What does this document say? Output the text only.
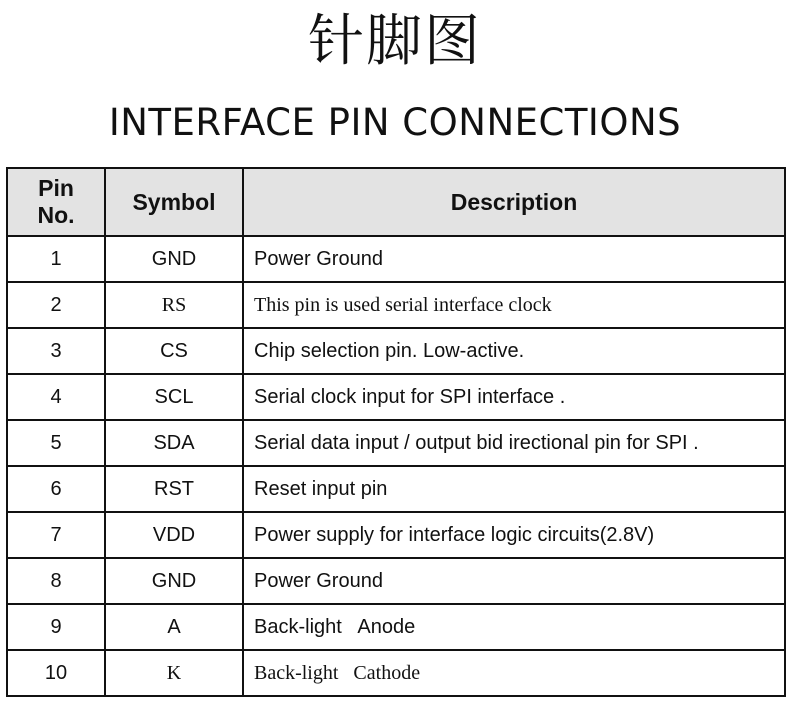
针脚图
INTERFACE PIN CONNECTIONS
Pin
No.	Symbol	Description
1	GND	Power Ground
2	RS	This pin is used serial interface clock
3	CS	Chip selection pin. Low-active.
4	SCL	Serial clock input for SPI interface .
5	SDA	Serial data input / output bid irectional pin for SPI .
6	RST	Reset input pin
7	VDD	Power supply for interface logic circuits(2.8V)
8	GND	Power Ground
9	A	Back-light   Anode
10	K	Back-light   Cathode
